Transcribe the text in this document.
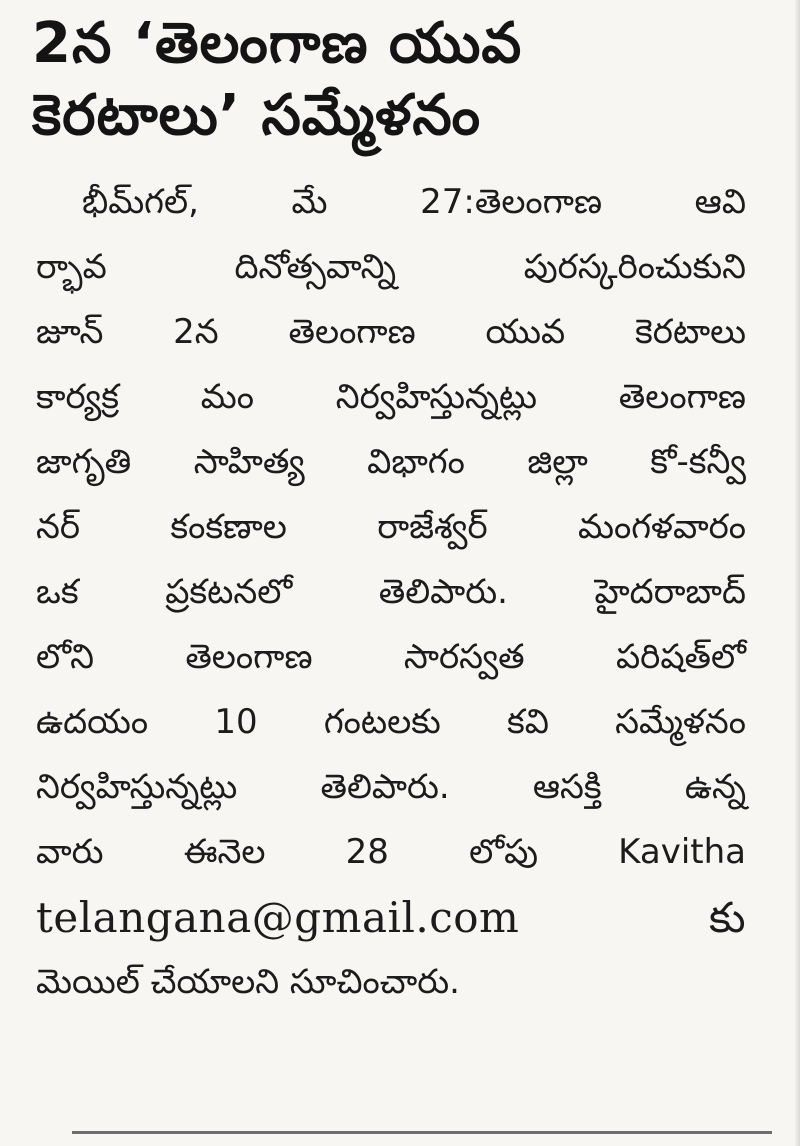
2న ‘తెలంగాణ యువ
కెరటాలు’ సమ్మేళనం
భీమ్‌గల్, మే 27:తెలంగాణ ఆవి
ర్భావ దినోత్సవాన్ని పురస్కరించుకుని
జూన్ 2న తెలంగాణ యువ కెరటాలు
కార్యక్ర మం నిర్వహిస్తున్నట్లు తెలంగాణ
జాగృతి సాహిత్య విభాగం జిల్లా కో-కన్వీ
నర్ కంకణాల రాజేశ్వర్ మంగళవారం
ఒక ప్రకటనలో తెలిపారు. హైదరాబాద్
లోని తెలంగాణ సారస్వత పరిషత్‌లో
ఉదయం 10 గంటలకు కవి సమ్మేళనం
నిర్వహిస్తున్నట్లు తెలిపారు. ఆసక్తి ఉన్న
వారు ఈనెల 28 లోపు Kavitha
telangana@gmail.com కు
మెయిల్ చేయాలని సూచించారు.
